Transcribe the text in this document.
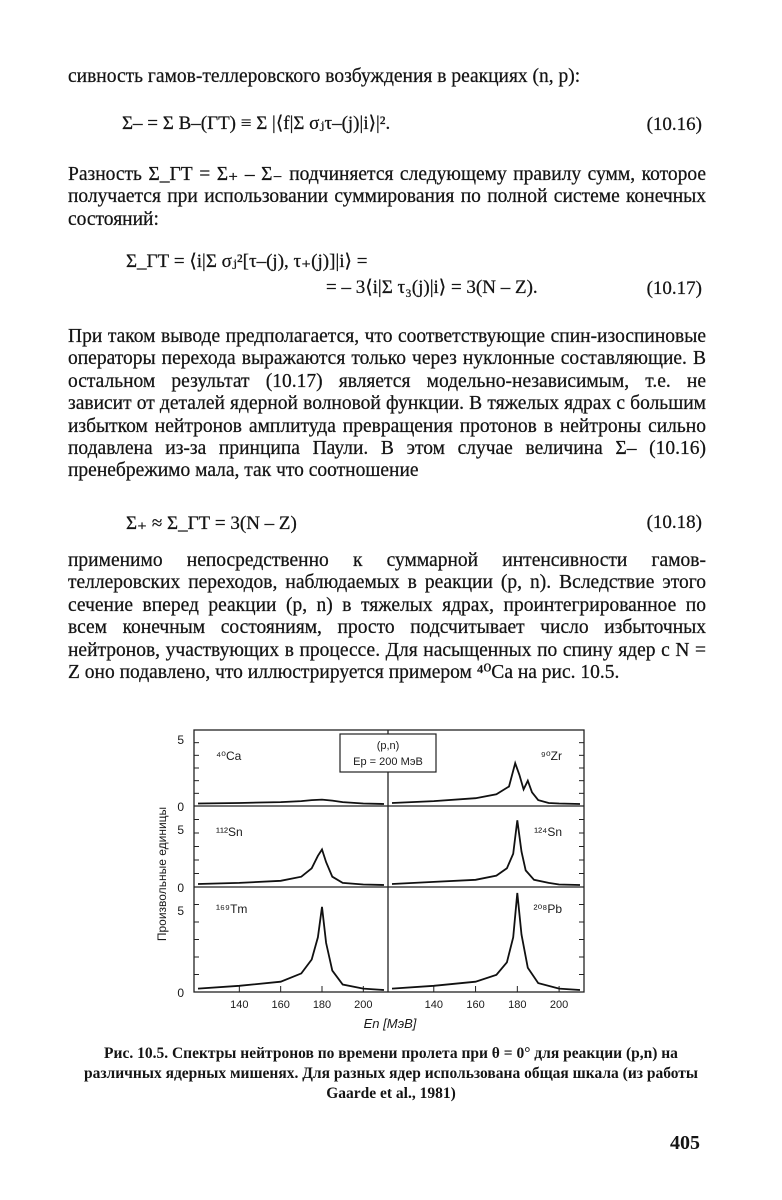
сивность гамов-теллеровского возбуждения в реакциях (n, p):
Σ– = Σ B–(ГТ) ≡ Σ |⟨f|Σ σⱼτ–(j)|i⟩|².	(10.16)
Разность Σ_ГТ = Σ₊ – Σ₋ подчиняется следующему правилу сумм, которое получается при использовании суммирования по полной системе конечных состояний:
Σ_ГТ = ⟨i|Σ σⱼ²[τ–(j), τ₊(j)]|i⟩ =
= – 3⟨i|Σ τ₃(j)|i⟩ = 3(N – Z).	(10.17)
При таком выводе предполагается, что соответствующие спин-изоспиновые операторы перехода выражаются только через нуклонные составляющие. В остальном результат (10.17) является модельно-независимым, т.е. не зависит от деталей ядерной волновой функции. В тяжелых ядрах с большим избытком нейтронов амплитуда превращения протонов в нейтроны сильно подавлена из-за принципа Паули. В этом случае величина Σ– (10.16) пренебрежимо мала, так что соотношение
Σ₊ ≈ Σ_ГТ = 3(N – Z)	(10.18)
применимо непосредственно к суммарной интенсивности гамов-теллеровских переходов, наблюдаемых в реакции (p, n). Вследствие этого сечение вперед реакции (p, n) в тяжелых ядрах, проинтегрированное по всем конечным состояниям, просто подсчитывает число избыточных нейтронов, участвующих в процессе. Для насыщенных по спину ядер с N = Z оно подавлено, что иллюстрируется примером ⁴⁰Ca на рис. 10.5.
⁴⁰Ca	⁹⁰Zr
¹¹²Sn	¹²⁴Sn
¹⁶⁹Tm	²⁰⁸Pb
5
0
5
0
5
0
140 160 180 200	140 160 180 200
(p,n)
Ep = 200 МэВ
En [МэВ]
Произвольные единицы
Рис. 10.5. Спектры нейтронов по времени пролета при θ = 0° для реакции (p,n) на различных ядерных мишенях. Для разных ядер использована общая шкала (из работы Gaarde et al., 1981)
405
